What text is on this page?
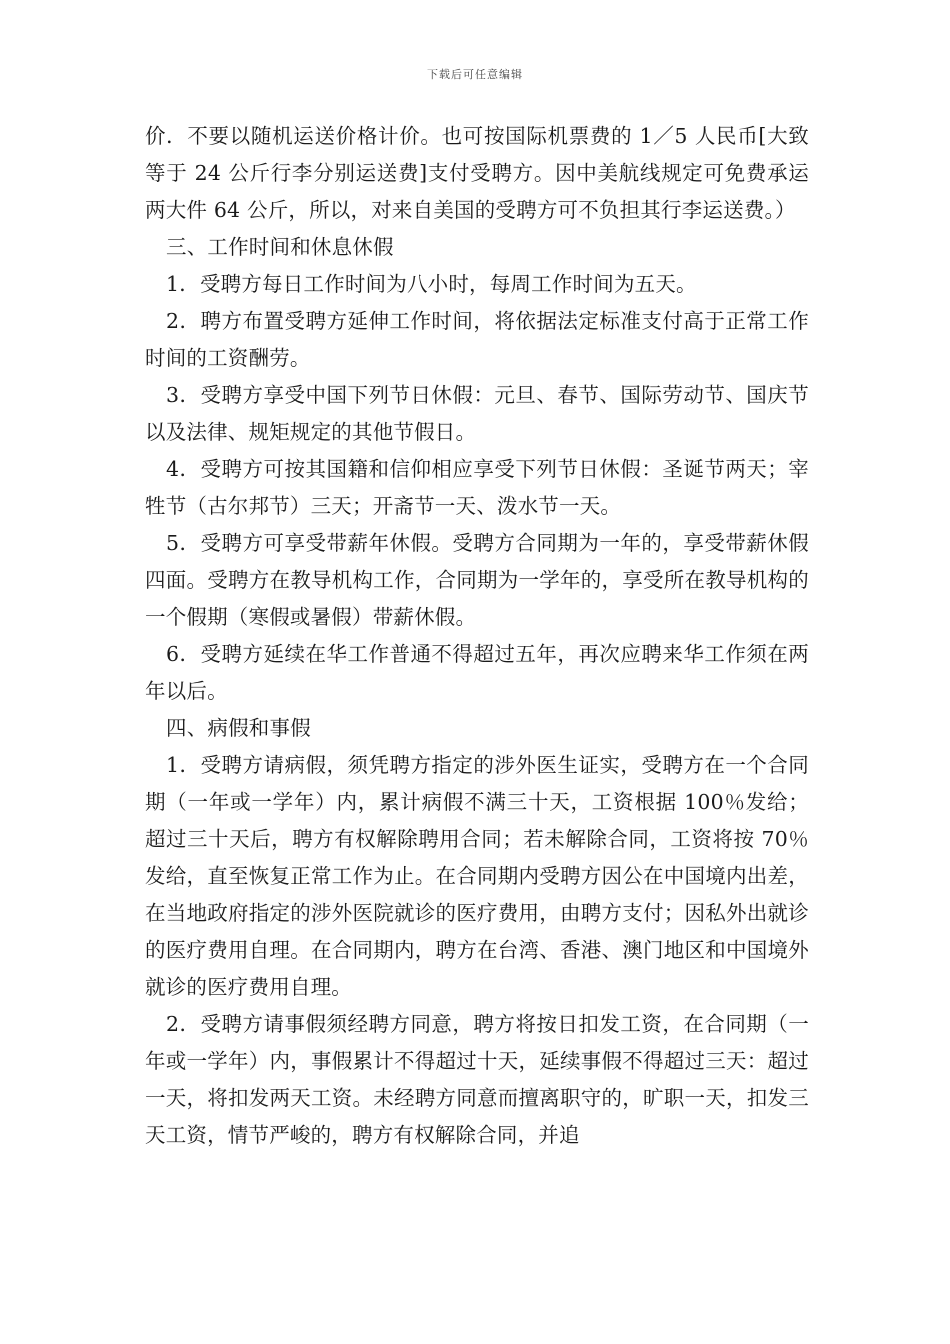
下载后可任意编辑

价．不要以随机运送价格计价。也可按国际机票费的 1／5 人民币[大致等于 24 公斤行李分别运送费]支付受聘方。因中美航线规定可免费承运两大件 64 公斤，所以，对来自美国的受聘方可不负担其行李运送费。）

三、工作时间和休息休假

1．受聘方每日工作时间为八小时，每周工作时间为五天。

2．聘方布置受聘方延伸工作时间，将依据法定标准支付高于正常工作时间的工资酬劳。

3．受聘方享受中国下列节日休假：元旦、春节、国际劳动节、国庆节以及法律、规矩规定的其他节假日。

4．受聘方可按其国籍和信仰相应享受下列节日休假：圣诞节两天；宰牲节（古尔邦节）三天；开斋节一天、泼水节一天。

5．受聘方可享受带薪年休假。受聘方合同期为一年的，享受带薪休假四面。受聘方在教导机构工作，合同期为一学年的，享受所在教导机构的一个假期（寒假或暑假）带薪休假。

6．受聘方延续在华工作普通不得超过五年，再次应聘来华工作须在两年以后。

四、病假和事假

1．受聘方请病假，须凭聘方指定的涉外医生证实，受聘方在一个合同期（一年或一学年）内，累计病假不满三十天，工资根据 100％发给；超过三十天后，聘方有权解除聘用合同；若未解除合同，工资将按 70％发给，直至恢复正常工作为止。在合同期内受聘方因公在中国境内出差，在当地政府指定的涉外医院就诊的医疗费用，由聘方支付；因私外出就诊的医疗费用自理。在合同期内，聘方在台湾、香港、澳门地区和中国境外就诊的医疗费用自理。

2．受聘方请事假须经聘方同意，聘方将按日扣发工资，在合同期（一年或一学年）内，事假累计不得超过十天，延续事假不得超过三天：超过一天，将扣发两天工资。未经聘方同意而擅离职守的，旷职一天，扣发三天工资，情节严峻的，聘方有权解除合同，并追
